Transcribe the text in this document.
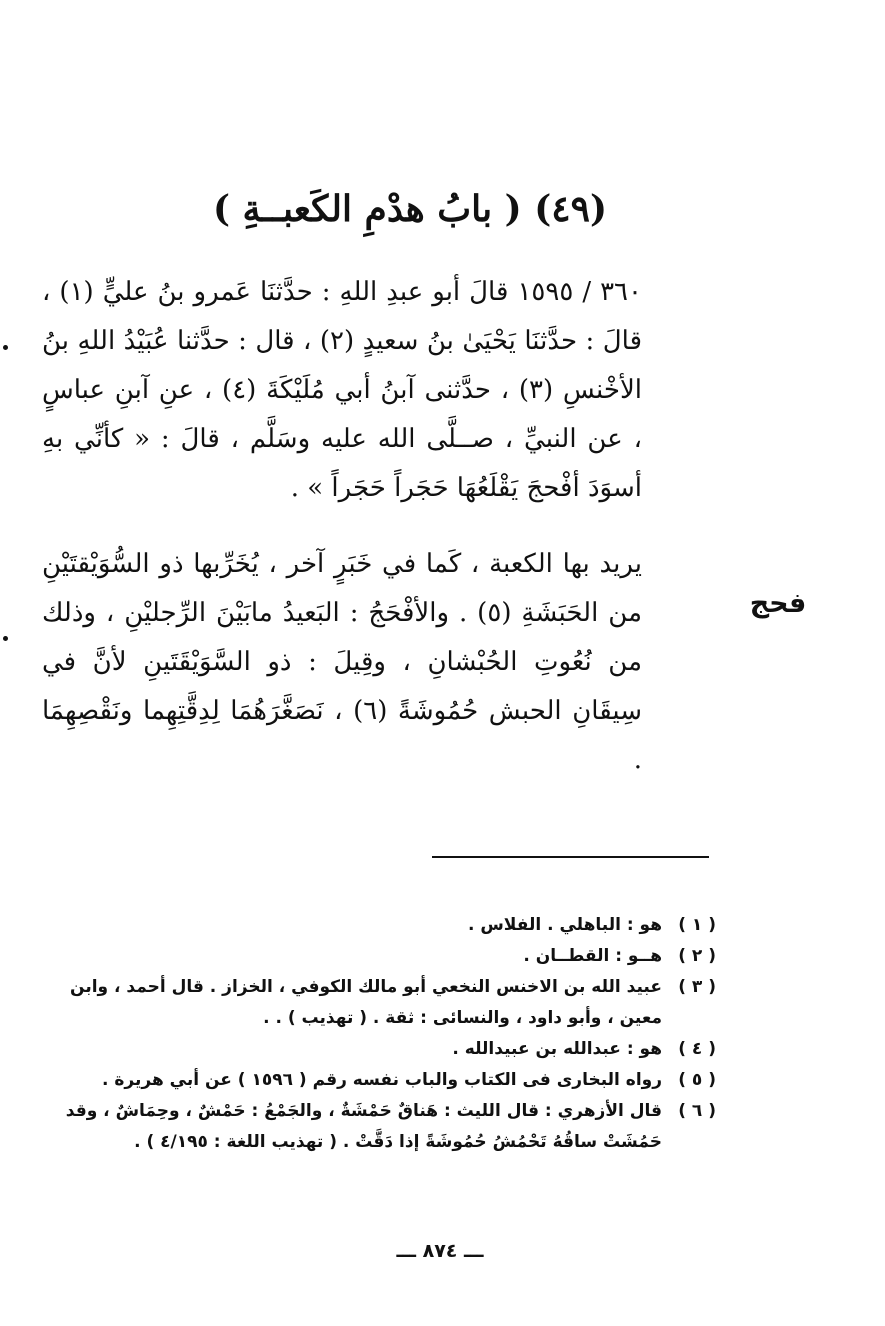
(٤٩) ( بابُ هدْمِ الكَعبــةِ )

٣٦٠ / ١٥٩٥ قالَ أبو عبدِ اللهِ : حدَّثنَا عَمرو بنُ عليٍّ (١) ، قالَ : حدَّثنَا يَحْيَىٰ بنُ سعيدٍ (٢) ، قال : حدَّثنا عُبَيْدُ اللهِ بنُ الأخْنسِ (٣) ، حدَّثنى آبنُ أبي مُلَيْكَةَ (٤) ، عنِ آبنِ عباسٍ ، عن النبيِّ ، صــلَّى الله عليه وسَلَّم ، قالَ : « كأنِّي بهِ أسوَدَ أفْحجَ يَقْلَعُهَا حَجَراً حَجَراً » .

يريد بها الكعبة ، كَما في خَبَرٍ آخر ، يُخَرِّبها ذو السُّوَيْقتَيْنِ من الحَبَشَةِ (٥) . والأفْحَجُ : البَعيدُ مابَيْنَ الرِّجليْنِ ، وذلك من نُعُوتِ الحُبْشانِ ، وقِيلَ : ذو السَّوَيْقَتَينِ لأنَّ في سِيقَانِ الحبش حُمُوشَةً (٦) ، نَصَغَّرَهُمَا لِدِقَّتِهِما ونَقْصِهِمَا .

فحج
( ١ )
هو : الباهلي . الفلاس .
( ٢ )
هــو : القطــان .
( ٣ )
عبيد الله بن الاخنس النخعي أبو مالك الكوفي ، الخزاز . قال أحمد ، وابن معين ، وأبو داود ، والنسائى : ثقة . ( تهذيب ) . .
( ٤ )
هو : عبدالله بن عبيدالله .
( ٥ )
رواه البخارى فى الكتاب والباب نفسه رقم ( ١٥٩٦ ) عن أبي هريرة .
( ٦ )
قال الأزهري : قال الليث : هَناقٌ حَمْشَةٌ ، والجَمْعُ : حَمْشٌ ، وحِمَاشٌ ، وقد حَمُشَتْ ساقُهُ تَحْمُشُ حُمُوشَةً إذا دَقَّتْ . ( تهذيب اللغة : ٤/١٩٥ ) .
ـــ ٨٧٤ ـــ
